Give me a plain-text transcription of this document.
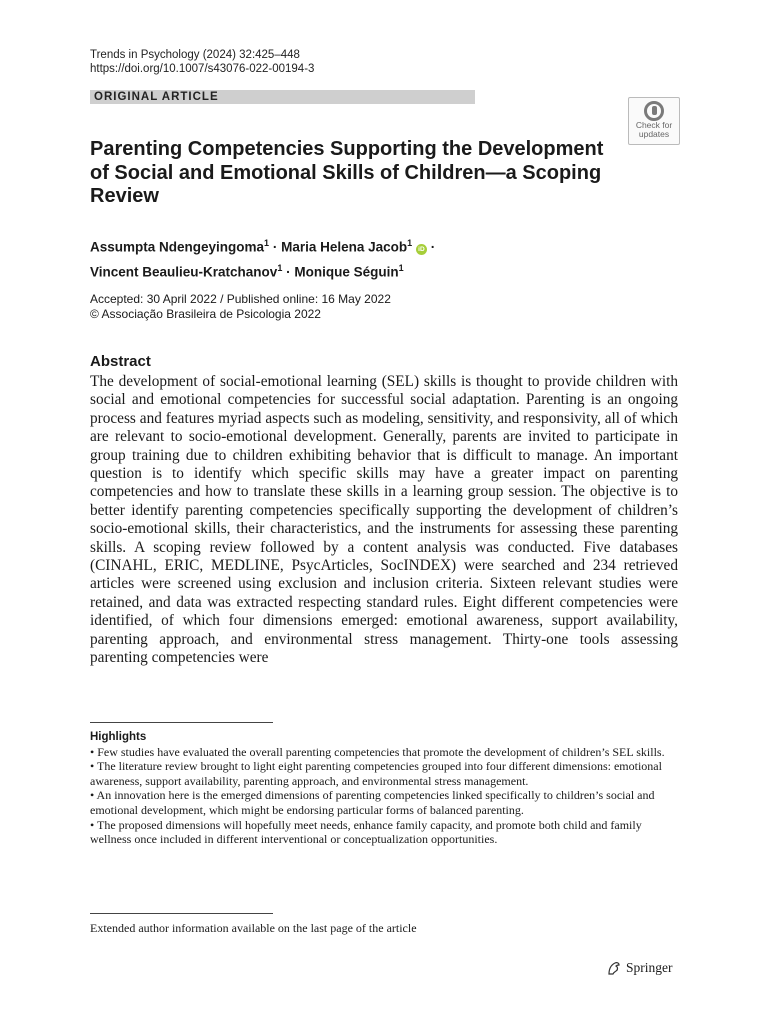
Trends in Psychology (2024) 32:425–448
https://doi.org/10.1007/s43076-022-00194-3
ORIGINAL ARTICLE
Check for
updates
Parenting Competencies Supporting the Development of Social and Emotional Skills of Children—a Scoping Review
Assumpta Ndengeyingoma$^1$ · Maria Helena Jacob$^1$ iD ·
Vincent Beaulieu-Kratchanov$^1$ · Monique Séguin$^1$
Accepted: 30 April 2022 / Published online: 16 May 2022
© Associação Brasileira de Psicologia 2022
Abstract
The development of social-emotional learning (SEL) skills is thought to provide children with social and emotional competencies for successful social adaptation. Parenting is an ongoing process and features myriad aspects such as modeling, sensitivity, and responsivity, all of which are relevant to socio-emotional development. Generally, parents are invited to participate in group training due to children exhibiting behavior that is difficult to manage. An important question is to identify which specific skills may have a greater impact on parenting competencies and how to translate these skills in a learning group session. The objective is to better identify parenting competencies specifically supporting the development of children’s socio-emotional skills, their characteristics, and the instruments for assessing these parenting skills. A scoping review followed by a content analysis was conducted. Five databases (CINAHL, ERIC, MEDLINE, PsycArticles, SocINDEX) were searched and 234 retrieved articles were screened using exclusion and inclusion criteria. Sixteen relevant studies were retained, and data was extracted respecting standard rules. Eight different competencies were identified, of which four dimensions emerged: emotional awareness, support availability, parenting approach, and environmental stress management. Thirty-one tools assessing parenting competencies were
Highlights
• Few studies have evaluated the overall parenting competencies that promote the development of children’s SEL skills.
• The literature review brought to light eight parenting competencies grouped into four different dimensions: emotional awareness, support availability, parenting approach, and environmental stress management.
• An innovation here is the emerged dimensions of parenting competencies linked specifically to children’s social and emotional development, which might be endorsing particular forms of balanced parenting.
• The proposed dimensions will hopefully meet needs, enhance family capacity, and promote both child and family wellness once included in different interventional or conceptualization opportunities.
Extended author information available on the last page of the article
Springer
